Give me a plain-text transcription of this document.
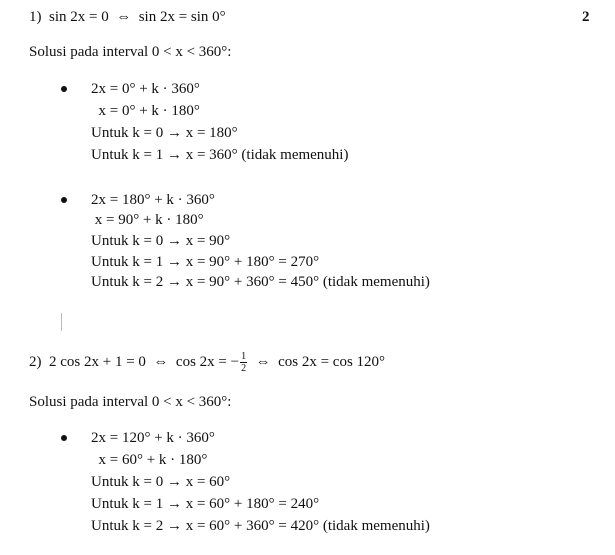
2
1)  sin 2x = 0  ⇔  sin 2x = sin 0°
Solusi pada interval 0 < x < 360°:
2x = 0° + k · 360°
x = 0° + k · 180°
Untuk k = 0 → x = 180°
Untuk k = 1 → x = 360° (tidak memenuhi)
2x = 180° + k · 360°
x = 90° + k · 180°
Untuk k = 0 → x = 90°
Untuk k = 1 → x = 90° + 180° = 270°
Untuk k = 2 → x = 90° + 360° = 450° (tidak memenuhi)
2)  2 cos 2x + 1 = 0  ⇔  cos 2x = − $\frac{1}{2}$ ⇔  cos 2x = cos 120°
Solusi pada interval 0 < x < 360°:
2x = 120° + k · 360°
x = 60° + k · 180°
Untuk k = 0 → x = 60°
Untuk k = 1 → x = 60° + 180° = 240°
Untuk k = 2 → x = 60° + 360° = 420° (tidak memenuhi)
